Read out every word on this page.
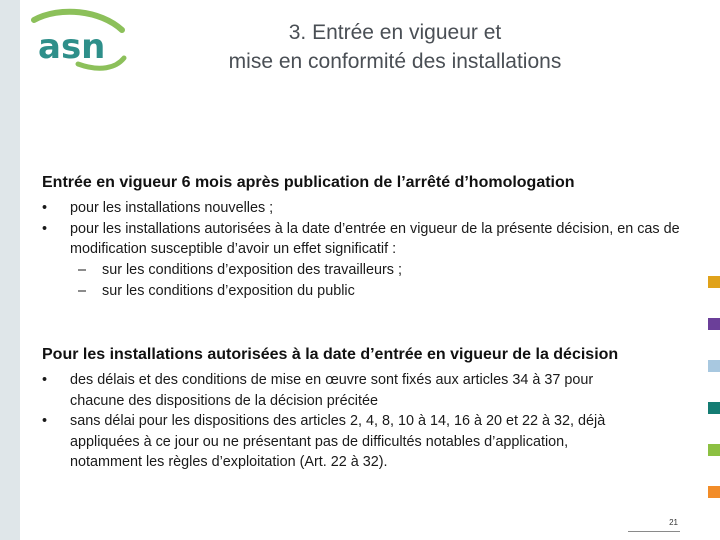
asn	3. Entrée en vigueur et
mise en conformité des installations
Entrée en vigueur 6 mois après publication de l’arrêté d’homologation
• pour les installations nouvelles ;
• pour les installations autorisées à la date d’entrée en vigueur de la présente décision, en cas de modification susceptible d’avoir un effet significatif :
– sur les conditions d’exposition des travailleurs ;
– sur les conditions d’exposition du public
Pour les installations autorisées à la date d’entrée en vigueur de la décision
• des délais et des conditions de mise en œuvre sont fixés aux articles 34 à 37 pour chacune des dispositions de la décision précitée
• sans délai pour les dispositions des articles 2, 4, 8, 10 à 14, 16 à 20 et 22 à 32, déjà appliquées à ce jour ou ne présentant pas de difficultés notables d’application, notamment les règles d’exploitation (Art. 22 à 32).
21
